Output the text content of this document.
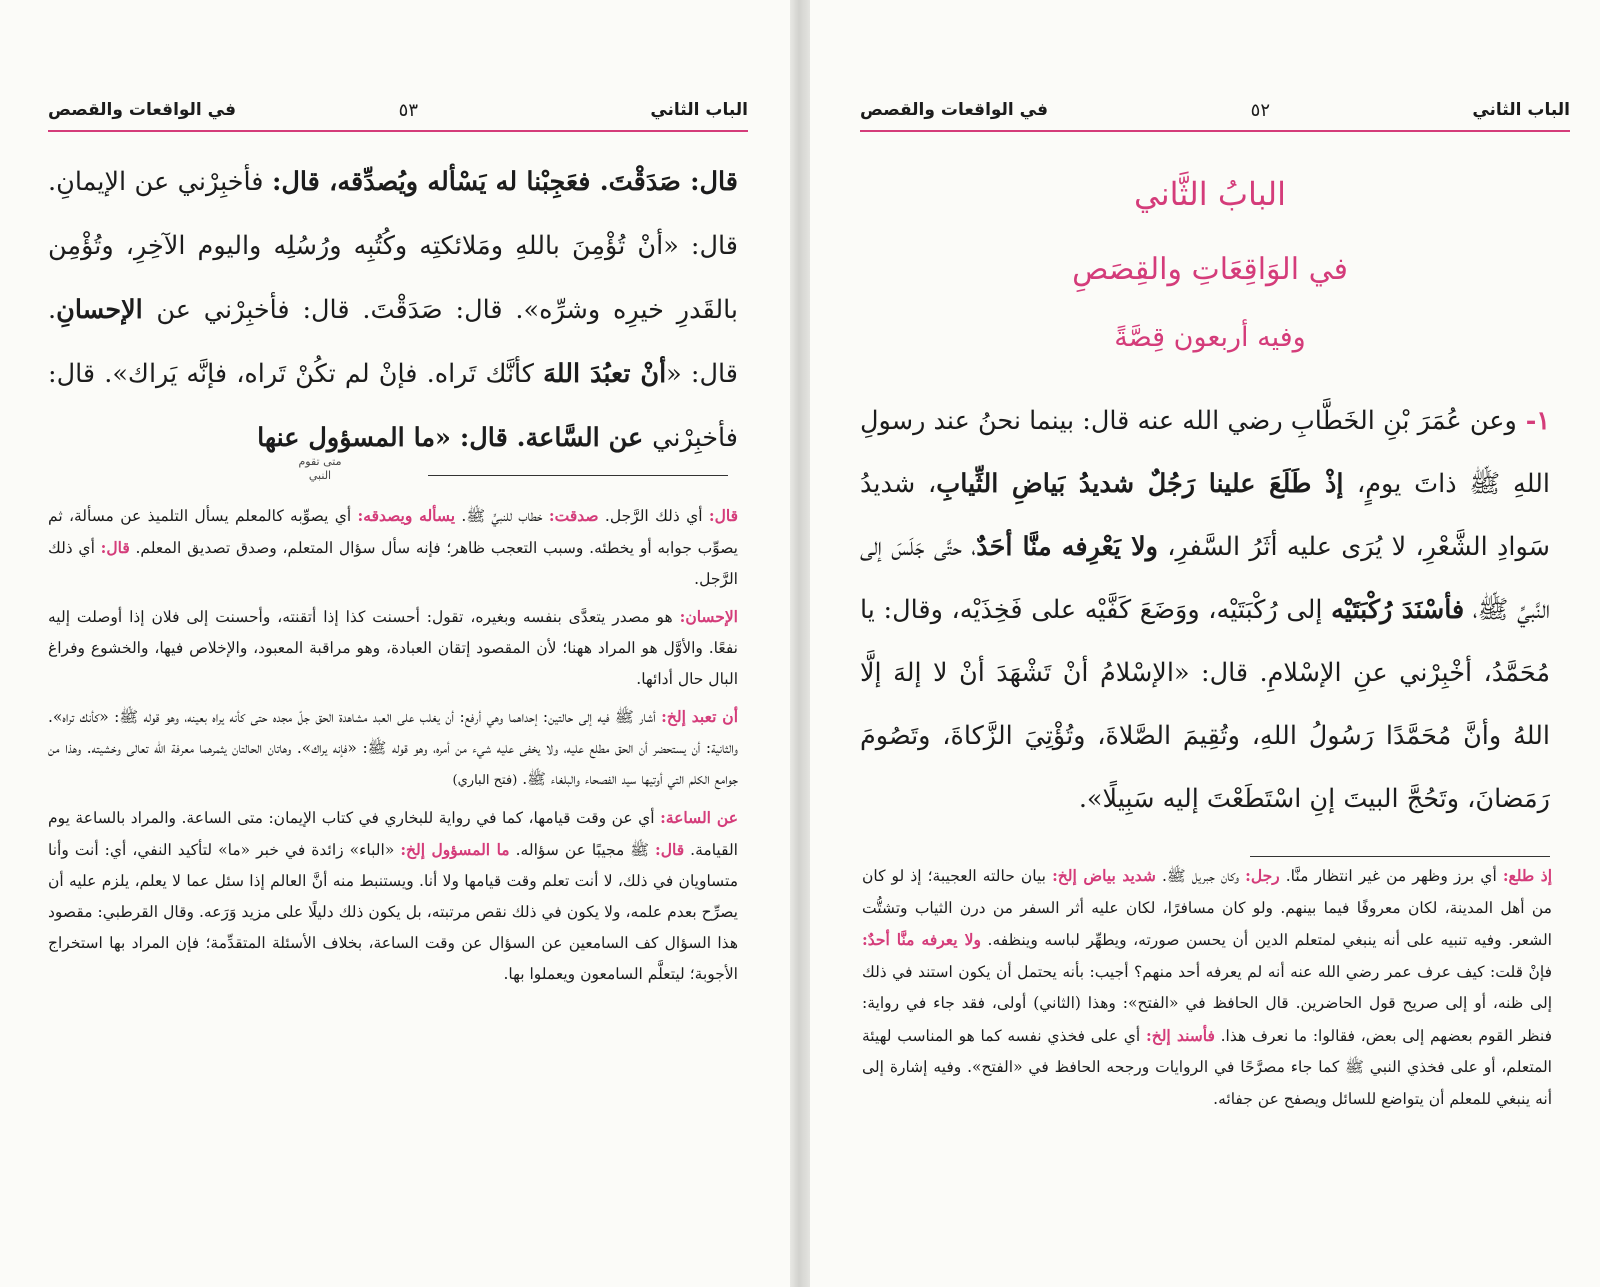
الباب الثاني
٥٣
في الواقعات والقصص

قال: صَدَقْتَ. فعَجِبْنا له يَسْأله ويُصدِّقه، قال: فأخبِرْني عن الإيمانِ. قال: «أنْ تُؤْمِنَ باللهِ ومَلائكتِه وكُتُبِه ورُسُلِه واليوم الآخِرِ، وتُؤْمِن بالقَدرِ خيرِه وشرِّه». قال: صَدَقْتَ. قال: فأخبِرْني عن الإحسانِ. قال: «أنْ تعبُدَ اللهَ كأنَّك تَراه. فإنْ لم تكُنْ تَراه، فإنَّه يَراك». قال: فأخبِرْني عن السَّاعة. قال: «ما المسؤول عنها

متى تقوم
النبي

قال: أي ذلك الرَّجل. صدقت: خطاب للنبيِّ ﷺ. يسأله ويصدقه: أي يصوِّبه كالمعلم يسأل التلميذ عن مسألة، ثم يصوِّب جوابه أو يخطئه. وسبب التعجب ظاهر؛ فإنه سأل سؤال المتعلم، وصدق تصديق المعلم. قال: أي ذلك الرَّجل.

الإحسان: هو مصدر يتعدَّى بنفسه وبغيره، تقول: أحسنت كذا إذا أتقنته، وأحسنت إلى فلان إذا أوصلت إليه نفعًا. والأوَّل هو المراد ههنا؛ لأن المقصود إتقان العبادة، وهو مراقبة المعبود، والإخلاص فيها، والخشوع وفراغ البال حال أدائها.

أن تعبد إلخ: أشار ﷺ فيه إلى حالتين: إحداهما وهي أرفع: أن يغلب على العبد مشاهدة الحق جلّ مجده حتى كأنه يراه بعينه، وهو قوله ﷺ: «كأنك تراه». والثانية: أن يستحضر أن الحق مطلع عليه، ولا يخفى عليه شيء من أمره، وهو قوله ﷺ: «فإنه يراك». وهاتان الحالتان يثمرهما معرفة الله تعالى وخشيته. وهذا من جوامع الكلم التي أوتيها سيد الفصحاء والبلغاء ﷺ. (فتح الباري)

عن الساعة: أي عن وقت قيامها، كما في رواية للبخاري في كتاب الإيمان: متى الساعة. والمراد بالساعة يوم القيامة. قال: ﷺ مجيبًا عن سؤاله. ما المسؤول إلخ: «الباء» زائدة في خبر «ما» لتأكيد النفي، أي: أنت وأنا متساويان في ذلك، لا أنت تعلم وقت قيامها ولا أنا. ويستنبط منه أنَّ العالم إذا سئل عما لا يعلم، يلزم عليه أن يصرِّح بعدم علمه، ولا يكون في ذلك نقص مرتبته، بل يكون ذلك دليلًا على مزيد وَرَعه. وقال القرطبي: مقصود هذا السؤال كف السامعين عن السؤال عن وقت الساعة، بخلاف الأسئلة المتقدِّمة؛ فإن المراد بها استخراج الأجوبة؛ ليتعلَّم السامعون ويعملوا بها.

الباب الثاني
٥٢
في الواقعات والقصص
البابُ الثَّاني
في الوَاقِعَاتِ والقِصَصِ
وفيه أربعون قِصَّةً

١- وعن عُمَرَ بْنِ الخَطَّابِ رضي الله عنه قال: بينما نحنُ عند رسولِ اللهِ ﷺ ذاتَ يومٍ، إذْ طَلَعَ علينا رَجُلٌ شديدُ بَياضِ الثِّيابِ، شديدُ سَوادِ الشَّعْرِ، لا يُرَى عليه أثَرُ السَّفرِ، ولا يَعْرِفه منَّا أحَدٌ، حتَّى جَلَسَ إلى النَّبيِّ ﷺ، فأسْنَدَ رُكْبَتَيْه إلى رُكْبَتَيْه، ووَضَعَ كَفَّيْه على فَخِذَيْه، وقال: يا مُحَمَّدُ، أخْبِرْني عنِ الإسْلامِ. قال: «الإسْلامُ أنْ تَشْهَدَ أنْ لا إلهَ إلَّا اللهُ وأنَّ مُحَمَّدًا رَسُولُ اللهِ، وتُقِيمَ الصَّلاةَ، وتُؤْتِيَ الزَّكاةَ، وتَصُومَ رَمَضانَ، وتَحُجَّ البيتَ إنِ اسْتَطَعْتَ إليه سَبِيلًا».

إذ طلع: أي برز وظهر من غير انتظار منَّا. رجل: وكان جبريل ﷺ. شديد بياض إلخ: بيان حالته العجيبة؛ إذ لو كان من أهل المدينة، لكان معروفًا فيما بينهم. ولو كان مسافرًا، لكان عليه أثر السفر من درن الثياب وتشتُّت الشعر. وفيه تنبيه على أنه ينبغي لمتعلم الدين أن يحسن صورته، ويطهِّر لباسه وينظفه. ولا يعرفه منَّا أحدٌ: فإنْ قلت: كيف عرف عمر رضي الله عنه أنه لم يعرفه أحد منهم؟ أجيب: بأنه يحتمل أن يكون استند في ذلك إلى ظنه، أو إلى صريح قول الحاضرين. قال الحافظ في «الفتح»: وهذا (الثاني) أولى، فقد جاء في رواية: فنظر القوم بعضهم إلى بعض، فقالوا: ما نعرف هذا. فأسند إلخ: أي على فخذي نفسه كما هو المناسب لهيئة المتعلم، أو على فخذي النبي ﷺ كما جاء مصرَّحًا في الروايات ورجحه الحافظ في «الفتح». وفيه إشارة إلى أنه ينبغي للمعلم أن يتواضع للسائل ويصفح عن جفائه.
